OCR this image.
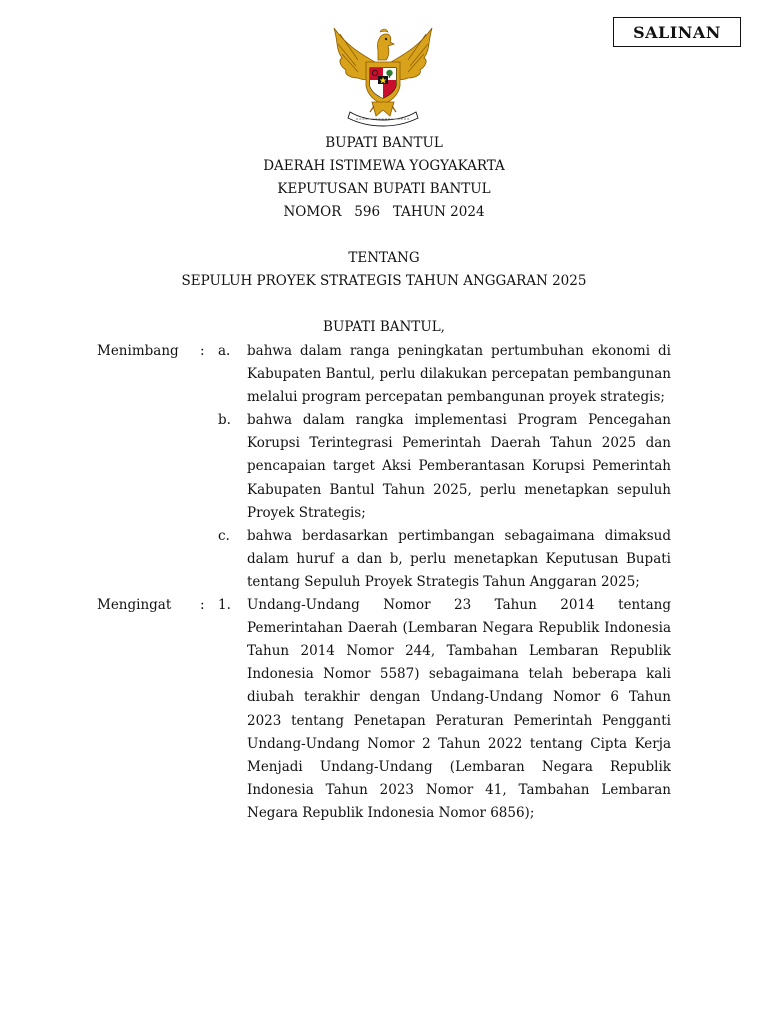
SALINAN
BUPATI BANTUL
DAERAH ISTIMEWA YOGYAKARTA
KEPUTUSAN BUPATI BANTUL
NOMOR   596   TAHUN 2024
TENTANG
SEPULUH PROYEK STRATEGIS TAHUN ANGGARAN 2025
BUPATI BANTUL,
Menimbang : a.	bahwa dalam ranga peningkatan pertumbuhan ekonomi di Kabupaten Bantul, perlu dilakukan percepatan pembangunan melalui program percepatan pembangunan proyek strategis;
b.	bahwa dalam rangka implementasi Program Pencegahan Korupsi Terintegrasi Pemerintah Daerah Tahun 2025 dan pencapaian target Aksi Pemberantasan Korupsi Pemerintah Kabupaten Bantul Tahun 2025, perlu menetapkan sepuluh Proyek Strategis;
c.	bahwa berdasarkan pertimbangan sebagaimana dimaksud dalam huruf a dan b, perlu menetapkan Keputusan Bupati tentang Sepuluh Proyek Strategis Tahun Anggaran 2025;
Mengingat : 1.	Undang-Undang Nomor 23 Tahun 2014 tentang Pemerintahan Daerah (Lembaran Negara Republik Indonesia Tahun 2014 Nomor 244, Tambahan Lembaran Republik Indonesia Nomor 5587) sebagaimana telah beberapa kali diubah terakhir dengan Undang-Undang Nomor 6 Tahun 2023 tentang Penetapan Peraturan Pemerintah Pengganti Undang-Undang Nomor 2 Tahun 2022 tentang Cipta Kerja Menjadi Undang-Undang (Lembaran Negara Republik Indonesia Tahun 2023 Nomor 41, Tambahan Lembaran Negara Republik Indonesia Nomor 6856);
